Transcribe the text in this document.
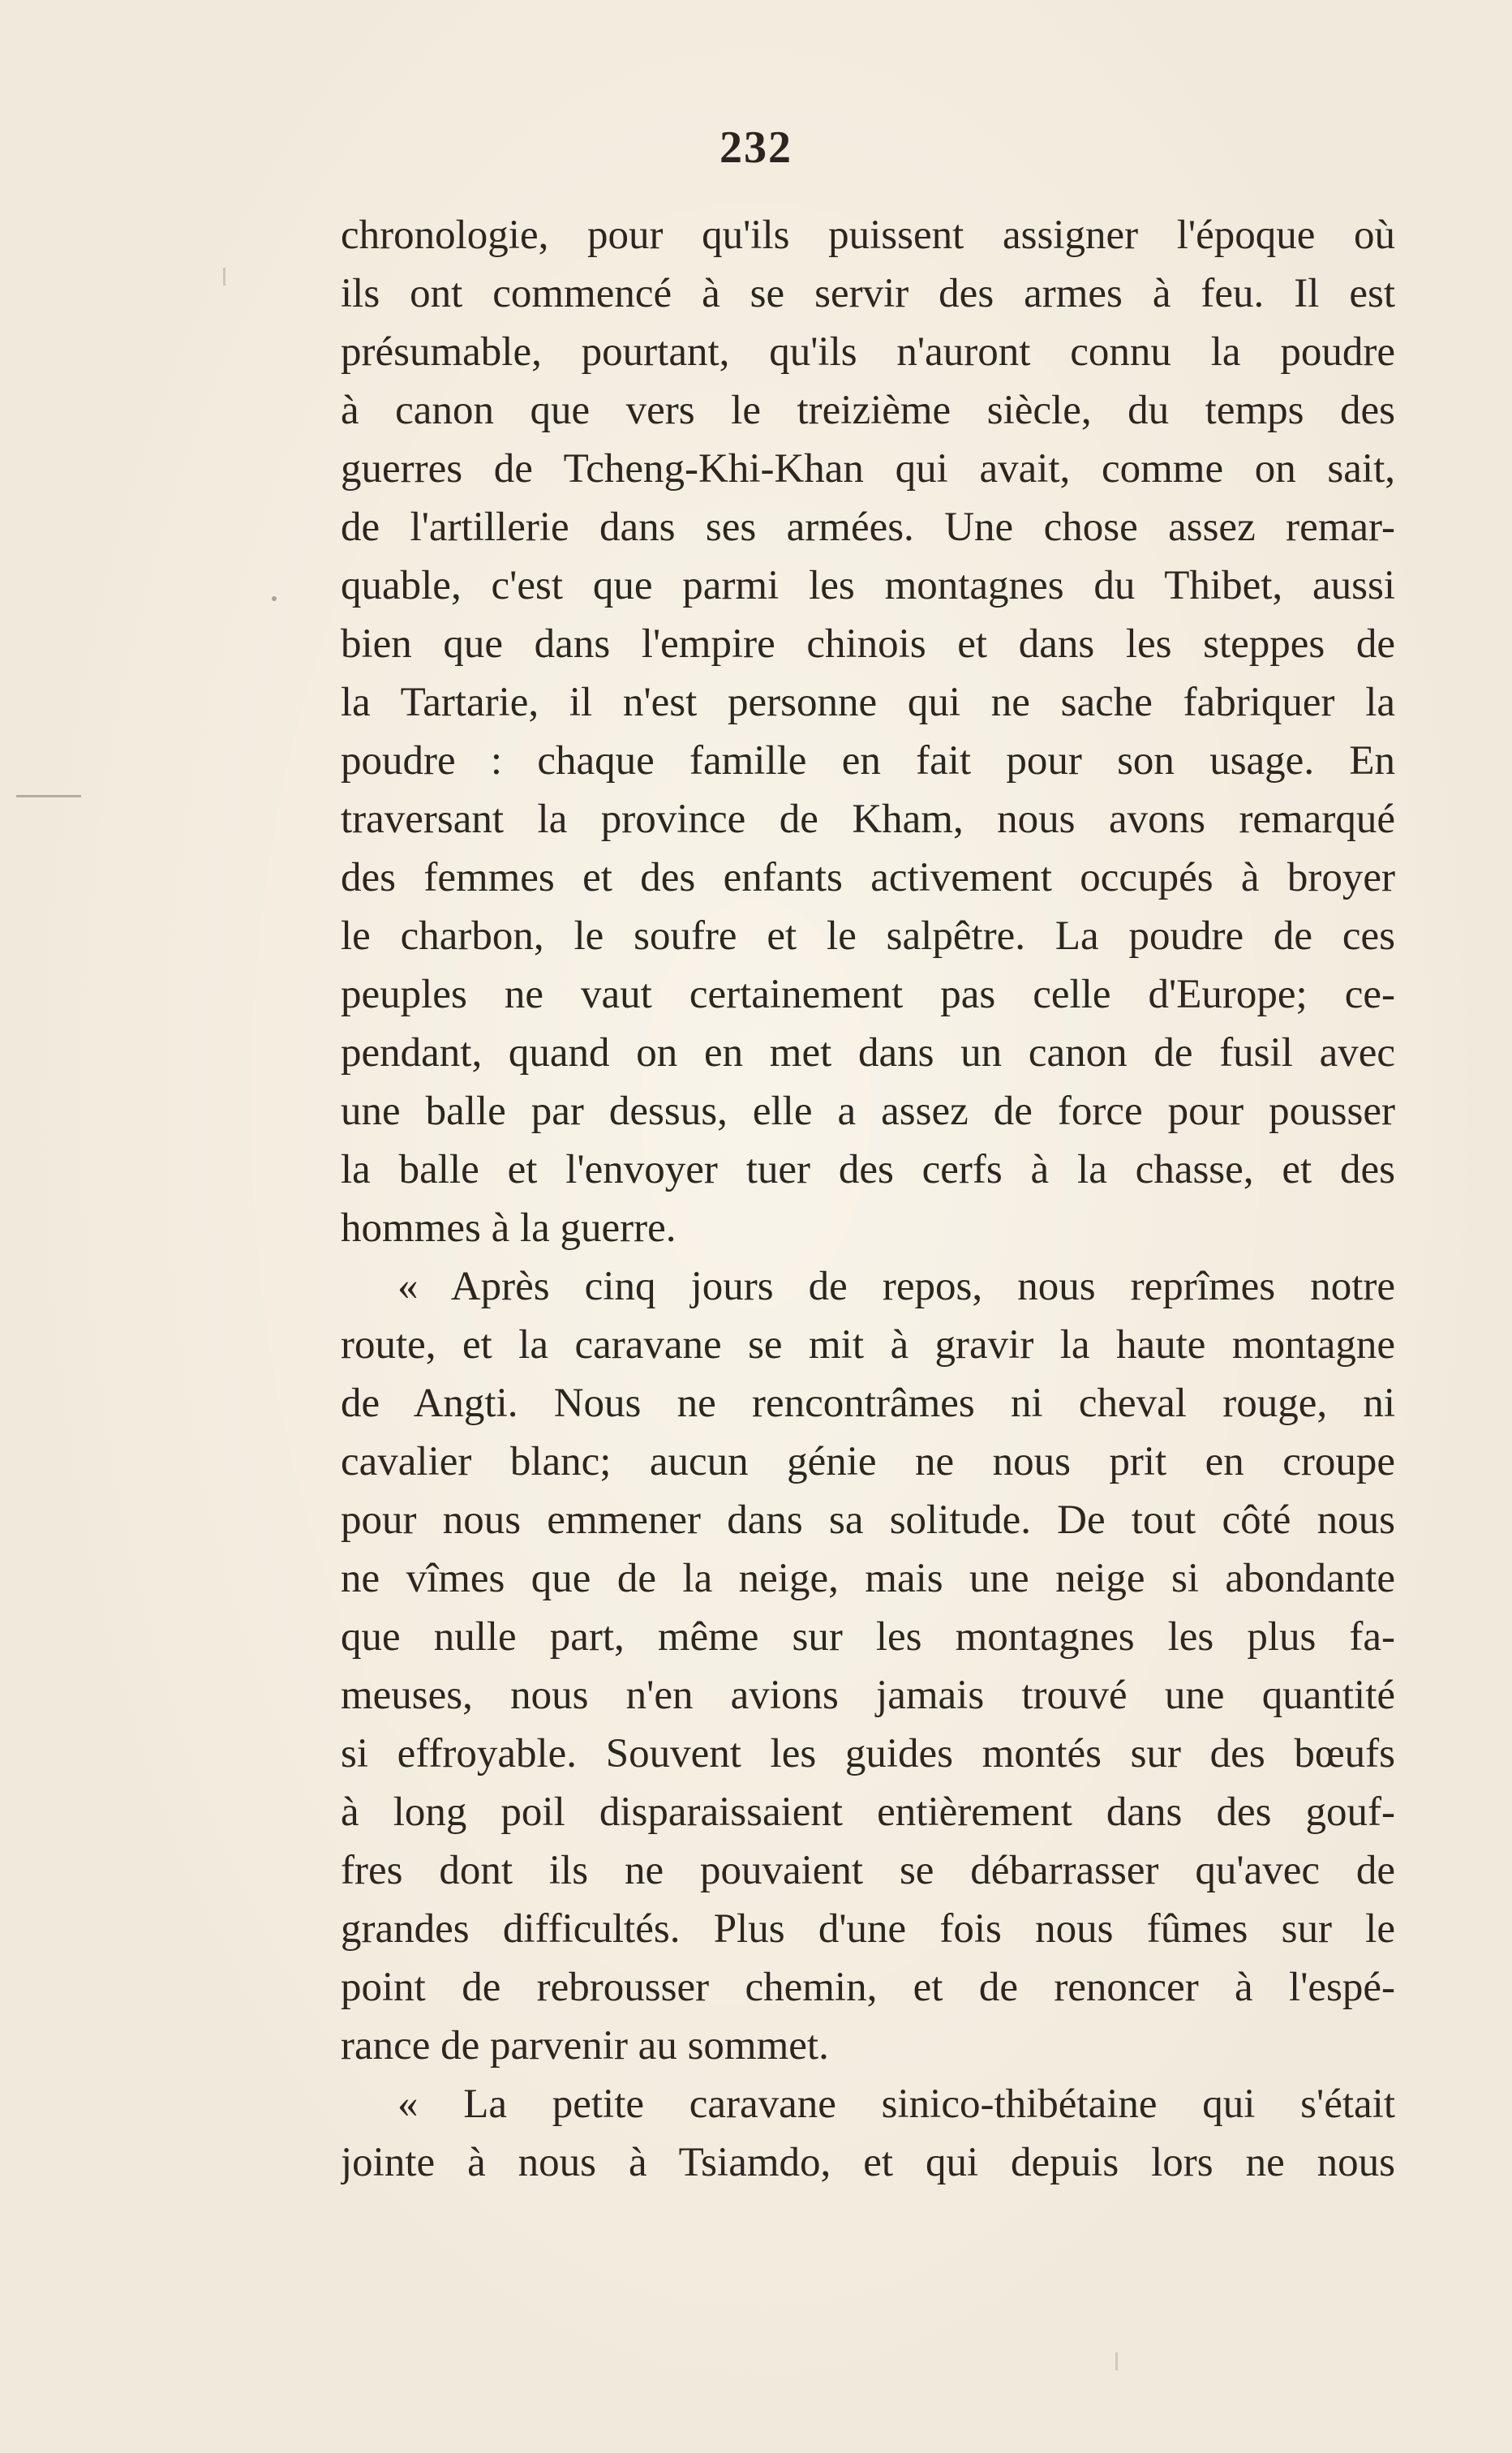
232
chronologie, pour qu'ils puissent assigner l'époque où
ils ont commencé à se servir des armes à feu. Il est
présumable, pourtant, qu'ils n'auront connu la poudre
à canon que vers le treizième siècle, du temps des
guerres de Tcheng-Khi-Khan qui avait, comme on sait,
de l'artillerie dans ses armées. Une chose assez remar-
quable, c'est que parmi les montagnes du Thibet, aussi
bien que dans l'empire chinois et dans les steppes de
la Tartarie, il n'est personne qui ne sache fabriquer la
poudre : chaque famille en fait pour son usage. En
traversant la province de Kham, nous avons remarqué
des femmes et des enfants activement occupés à broyer
le charbon, le soufre et le salpêtre. La poudre de ces
peuples ne vaut certainement pas celle d'Europe; ce-
pendant, quand on en met dans un canon de fusil avec
une balle par dessus, elle a assez de force pour pousser
la balle et l'envoyer tuer des cerfs à la chasse, et des
hommes à la guerre.
« Après cinq jours de repos, nous reprîmes notre
route, et la caravane se mit à gravir la haute montagne
de Angti. Nous ne rencontrâmes ni cheval rouge, ni
cavalier blanc; aucun génie ne nous prit en croupe
pour nous emmener dans sa solitude. De tout côté nous
ne vîmes que de la neige, mais une neige si abondante
que nulle part, même sur les montagnes les plus fa-
meuses, nous n'en avions jamais trouvé une quantité
si effroyable. Souvent les guides montés sur des bœufs
à long poil disparaissaient entièrement dans des gouf-
fres dont ils ne pouvaient se débarrasser qu'avec de
grandes difficultés. Plus d'une fois nous fûmes sur le
point de rebrousser chemin, et de renoncer à l'espé-
rance de parvenir au sommet.
« La petite caravane sinico-thibétaine qui s'était
jointe à nous à Tsiamdo, et qui depuis lors ne nous
